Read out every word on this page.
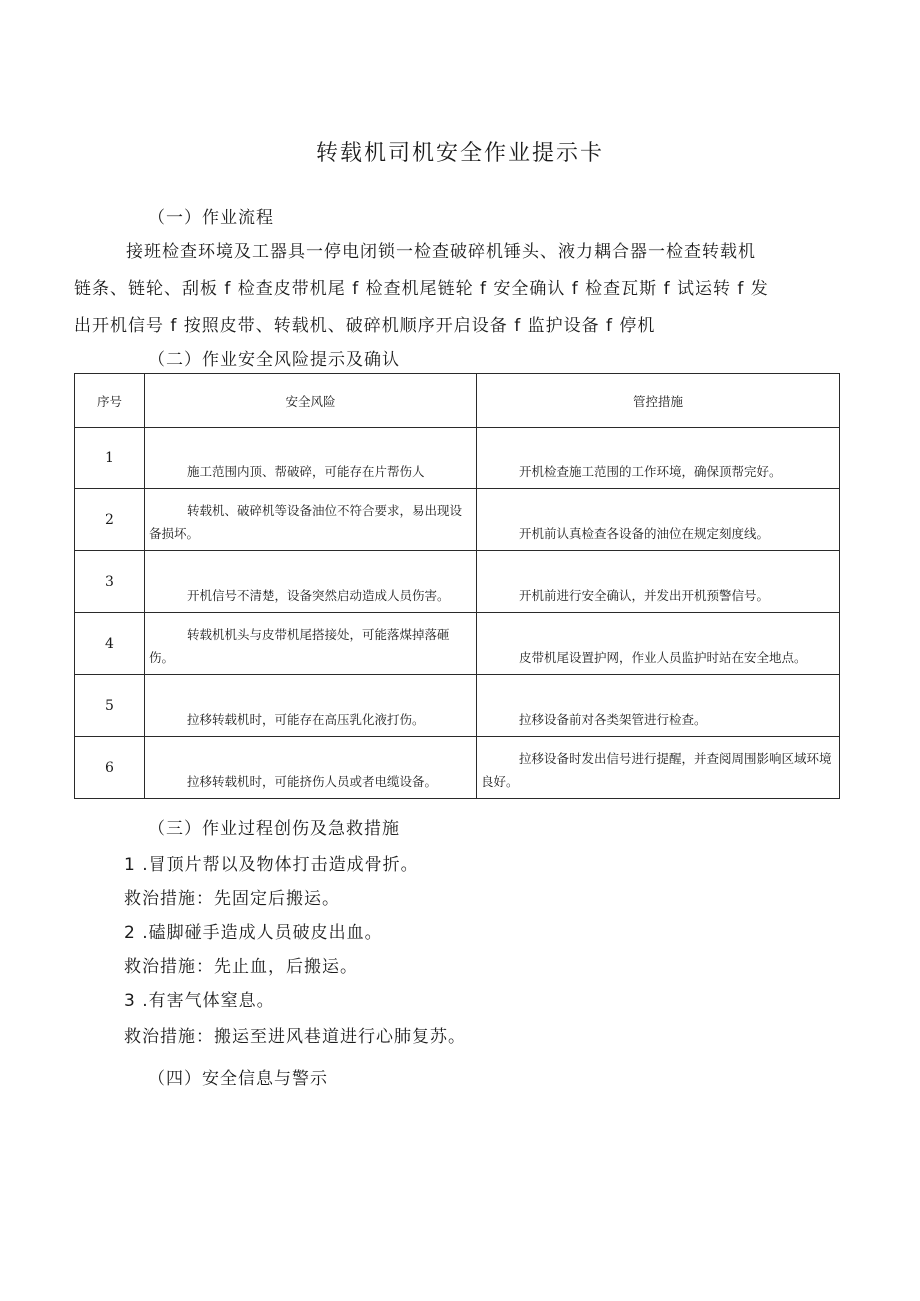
转载机司机安全作业提示卡
（一）作业流程

接班检查环境及工器具一停电闭锁一检查破碎机锤头、液力耦合器一检查转载机

链条、链轮、刮板 f 检查皮带机尾 f 检查机尾链轮 f 安全确认 f 检查瓦斯 f 试运转 f 发

出开机信号 f 按照皮带、转载机、破碎机顺序开启设备 f 监护设备 f 停机

（二）作业安全风险提示及确认
序号	安全风险	管控措施
1	施工范围内顶、帮破碎，可能存在片帮伤人	开机检查施工范围的工作环境，确保顶帮完好。

2	转载机、破碎机等设备油位不符合要求，易出现设备损坏。	开机前认真检查各设备的油位在规定刻度线。

3	开机信号不清楚，设备突然启动造成人员伤害。	开机前进行安全确认，并发出开机预警信号。

4	转载机机头与皮带机尾搭接处，可能落煤掉落砸伤。	皮带机尾设置护网，作业人员监护时站在安全地点。

5	拉移转载机时，可能存在高压乳化液打伤。	拉移设备前对各类架管进行检查。

6	拉移转载机时，可能挤伤人员或者电缆设备。	拉移设备时发出信号进行提醒，并查阅周围影响区域环境良好。
（三）作业过程创伤及急救措施
1 .冒顶片帮以及物体打击造成骨折。
救治措施：先固定后搬运。
2 .磕脚碰手造成人员破皮出血。
救治措施：先止血，后搬运。
3 .有害气体窒息。
救治措施：搬运至进风巷道进行心肺复苏。
（四）安全信息与警示
